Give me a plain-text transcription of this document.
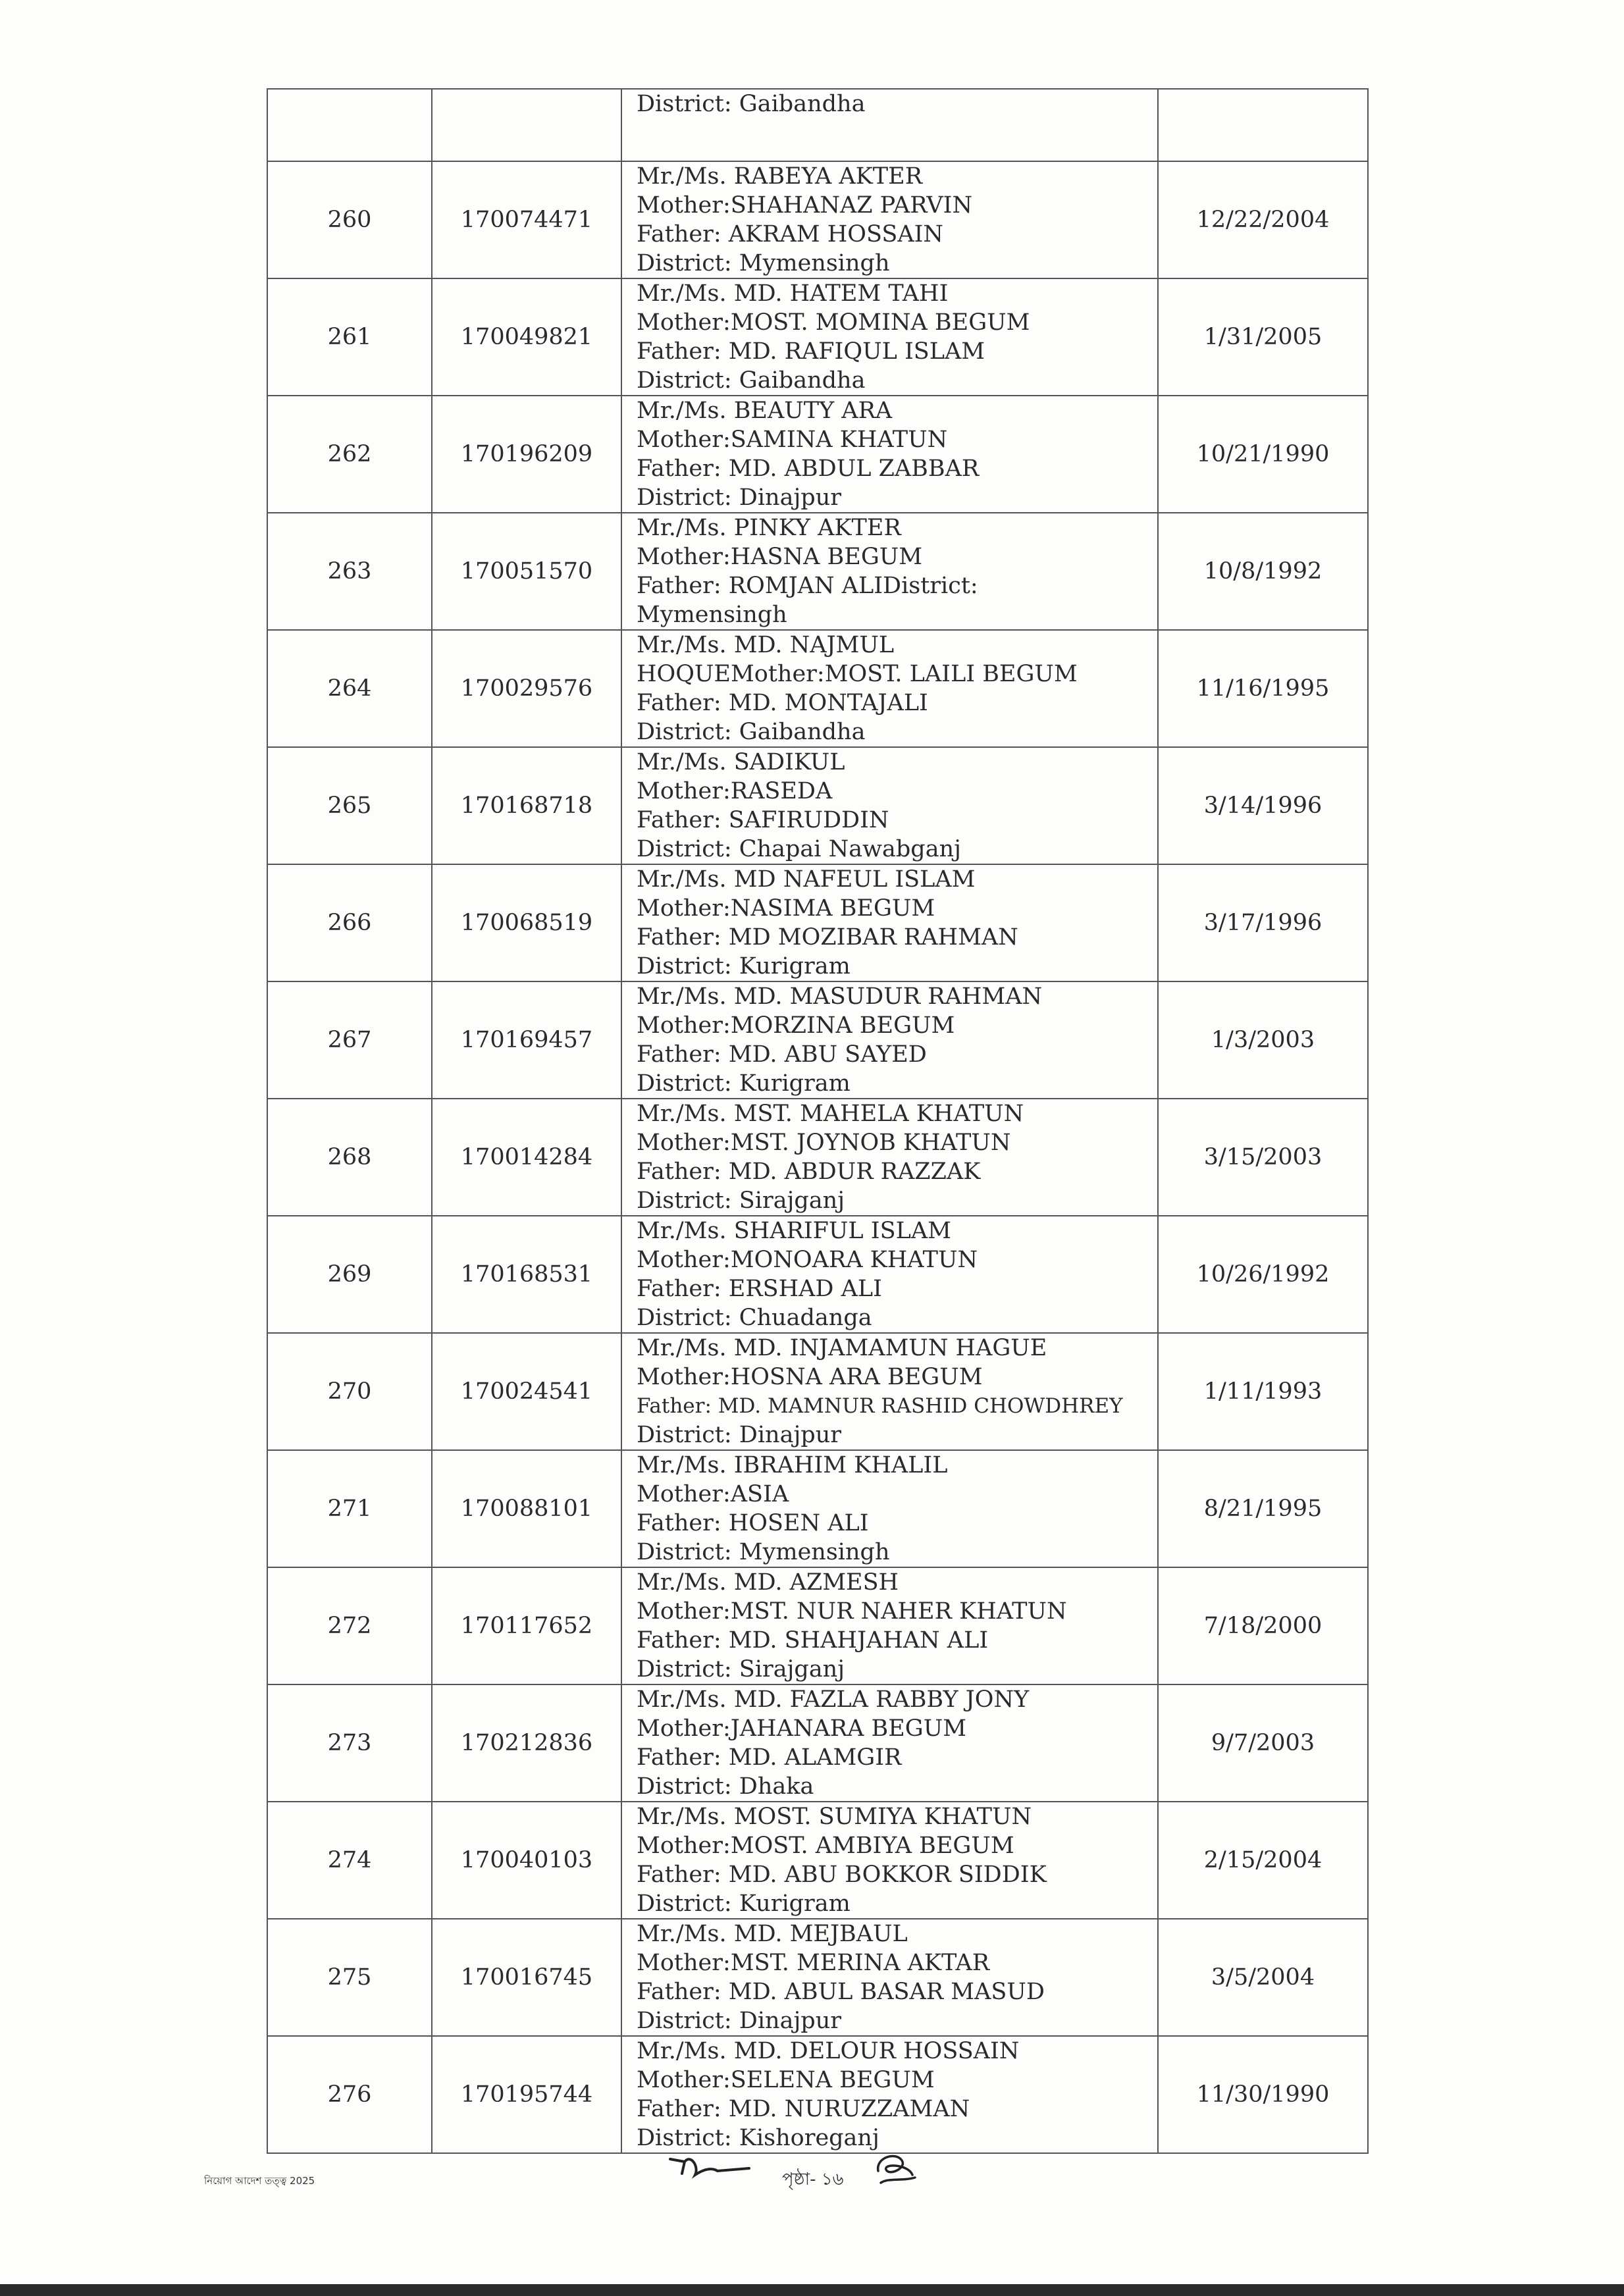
		District: Gaibandha	

260	170074471	Mr./Ms. RABEYA AKTER
Mother:SHAHANAZ PARVIN
Father: AKRAM HOSSAIN
District: Mymensingh	12/22/2004
261	170049821	Mr./Ms. MD. HATEM TAHI
Mother:MOST. MOMINA BEGUM
Father: MD. RAFIQUL ISLAM
District: Gaibandha	1/31/2005
262	170196209	Mr./Ms. BEAUTY ARA
Mother:SAMINA KHATUN
Father: MD. ABDUL ZABBAR
District: Dinajpur	10/21/1990
263	170051570	Mr./Ms. PINKY AKTER
Mother:HASNA BEGUM
Father: ROMJAN ALIDistrict:
Mymensingh	10/8/1992
264	170029576	Mr./Ms. MD. NAJMUL
HOQUEMother:MOST. LAILI BEGUM
Father: MD. MONTAJALI
District: Gaibandha	11/16/1995
265	170168718	Mr./Ms. SADIKUL
Mother:RASEDA
Father: SAFIRUDDIN
District: Chapai Nawabganj	3/14/1996
266	170068519	Mr./Ms. MD NAFEUL ISLAM
Mother:NASIMA BEGUM
Father: MD MOZIBAR RAHMAN
District: Kurigram	3/17/1996
267	170169457	Mr./Ms. MD. MASUDUR RAHMAN
Mother:MORZINA BEGUM
Father: MD. ABU SAYED
District: Kurigram	1/3/2003
268	170014284	Mr./Ms. MST. MAHELA KHATUN
Mother:MST. JOYNOB KHATUN
Father: MD. ABDUR RAZZAK
District: Sirajganj	3/15/2003
269	170168531	Mr./Ms. SHARIFUL ISLAM
Mother:MONOARA KHATUN
Father: ERSHAD ALI
District: Chuadanga	10/26/1992
270	170024541	Mr./Ms. MD. INJAMAMUN HAGUE
Mother:HOSNA ARA BEGUM
Father: MD. MAMNUR RASHID CHOWDHREY
District: Dinajpur	1/11/1993
271	170088101	Mr./Ms. IBRAHIM KHALIL
Mother:ASIA
Father: HOSEN ALI
District: Mymensingh	8/21/1995
272	170117652	Mr./Ms. MD. AZMESH
Mother:MST. NUR NAHER KHATUN
Father: MD. SHAHJAHAN ALI
District: Sirajganj	7/18/2000
273	170212836	Mr./Ms. MD. FAZLA RABBY JONY
Mother:JAHANARA BEGUM
Father: MD. ALAMGIR
District: Dhaka	9/7/2003
274	170040103	Mr./Ms. MOST. SUMIYA KHATUN
Mother:MOST. AMBIYA BEGUM
Father: MD. ABU BOKKOR SIDDIK
District: Kurigram	2/15/2004
275	170016745	Mr./Ms. MD. MEJBAUL
Mother:MST. MERINA AKTAR
Father: MD. ABUL BASAR MASUD
District: Dinajpur	3/5/2004
276	170195744	Mr./Ms. MD. DELOUR HOSSAIN
Mother:SELENA BEGUM
Father: MD. NURUZZAMAN
District: Kishoreganj	11/30/1990
নিয়োগ আদেশ তত্ত্ব 2025	পৃষ্ঠা- ১৬
